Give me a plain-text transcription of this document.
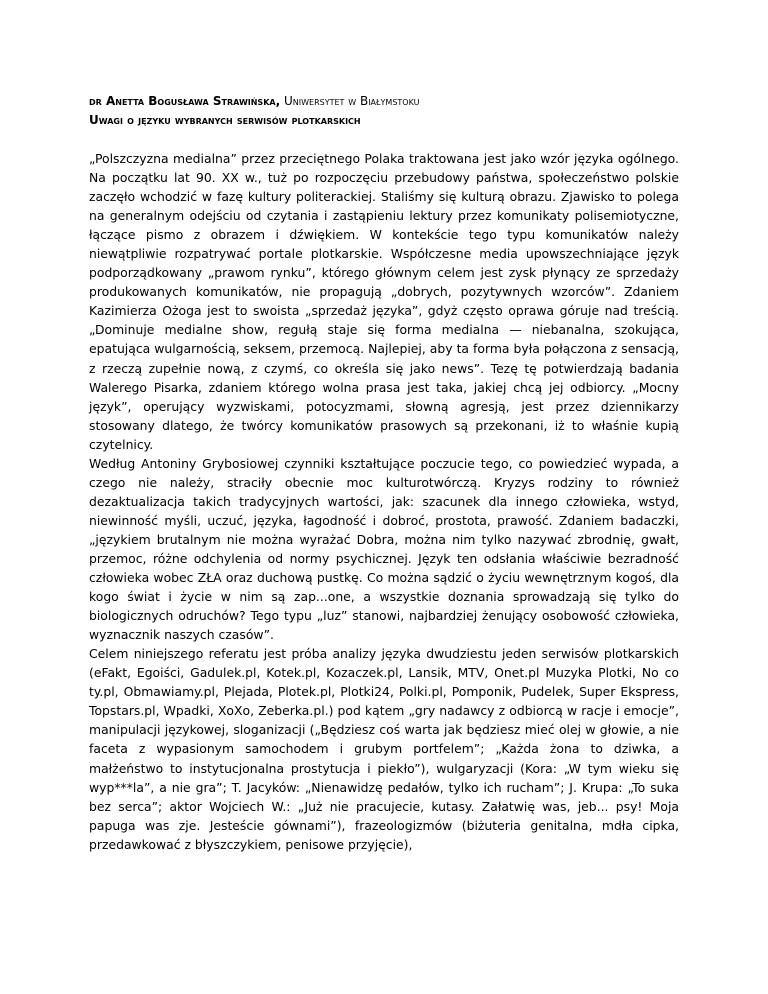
dr Anetta Bogusława Strawińska, Uniwersytet w Białymstoku

Uwagi o języku wybranych serwisów plotkarskich

„Polszczyzna medialna” przez przeciętnego Polaka traktowana jest jako wzór języka ogólnego. Na początku lat 90. XX w., tuż po rozpoczęciu przebudowy państwa, społeczeństwo polskie zaczęło wchodzić w fazę kultury politerackiej. Staliśmy się kulturą obrazu. Zjawisko to polega na generalnym odejściu od czytania i zastąpieniu lektury przez komunikaty polisemiotyczne, łączące pismo z obrazem i dźwiękiem. W kontekście tego typu komunikatów należy niewątpliwie rozpatrywać portale plotkarskie. Współczesne media upowszechniające język podporządkowany „prawom rynku”, którego głównym celem jest zysk płynący ze sprzedaży produkowanych komunikatów, nie propagują „dobrych, pozytywnych wzorców”. Zdaniem Kazimierza Ożoga jest to swoista „sprzedaż języka”, gdyż często oprawa góruje nad treścią. „Dominuje medialne show, regułą staje się forma medialna — niebanalna, szokująca, epatująca wulgarnością, seksem, przemocą. Najlepiej, aby ta forma była połączona z sensacją, z rzeczą zupełnie nową, z czymś, co określa się jako news”. Tezę tę potwierdzają badania Walerego Pisarka, zdaniem którego wolna prasa jest taka, jakiej chcą jej odbiorcy. „Mocny język”, operujący wyzwiskami, potocyzmami, słowną agresją, jest przez dziennikarzy stosowany dlatego, że twórcy komunikatów prasowych są przekonani, iż to właśnie kupią czytelnicy.

Według Antoniny Grybosiowej czynniki kształtujące poczucie tego, co powiedzieć wypada, a czego nie należy, straciły obecnie moc kulturotwórczą. Kryzys rodziny to również dezaktualizacja takich tradycyjnych wartości, jak: szacunek dla innego człowieka, wstyd, niewinność myśli, uczuć, języka, łagodność i dobroć, prostota, prawość. Zdaniem badaczki, „językiem brutalnym nie można wyrażać Dobra, można nim tylko nazywać zbrodnię, gwałt, przemoc, różne odchylenia od normy psychicznej. Język ten odsłania właściwie bezradność człowieka wobec ZŁA oraz duchową pustkę. Co można sądzić o życiu wewnętrznym kogoś, dla kogo świat i życie w nim są zap...one, a wszystkie doznania sprowadzają się tylko do biologicznych odruchów? Tego typu „luz” stanowi, najbardziej żenujący osobowość człowieka, wyznacznik naszych czasów”.

Celem niniejszego referatu jest próba analizy języka dwudziestu jeden serwisów plotkarskich (eFakt, Egoiści, Gadulek.pl, Kotek.pl, Kozaczek.pl, Lansik, MTV, Onet.pl Muzyka Plotki, No co ty.pl, Obmawiamy.pl, Plejada, Plotek.pl, Plotki24, Polki.pl, Pomponik, Pudelek, Super Ekspress, Topstars.pl, Wpadki, XoXo, Zeberka.pl.) pod kątem „gry nadawcy z odbiorcą w racje i emocje”, manipulacji językowej, sloganizacji („Będziesz coś warta jak będziesz mieć olej w głowie, a nie faceta z wypasionym samochodem i grubym portfelem”; „Każda żona to dziwka, a małżeństwo to instytucjonalna prostytucja i piekło”), wulgaryzacji (Kora: „W tym wieku się wyp***la”, a nie gra”; T. Jacyków: „Nienawidzę pedałów, tylko ich rucham”; J. Krupa: „To suka bez serca”; aktor Wojciech W.: „Już nie pracujecie, kutasy. Załatwię was, jeb... psy! Moja papuga was zje. Jesteście gównami”), frazeologizmów (biżuteria genitalna, mdła cipka, przedawkować z błyszczykiem, penisowe przyjęcie),
